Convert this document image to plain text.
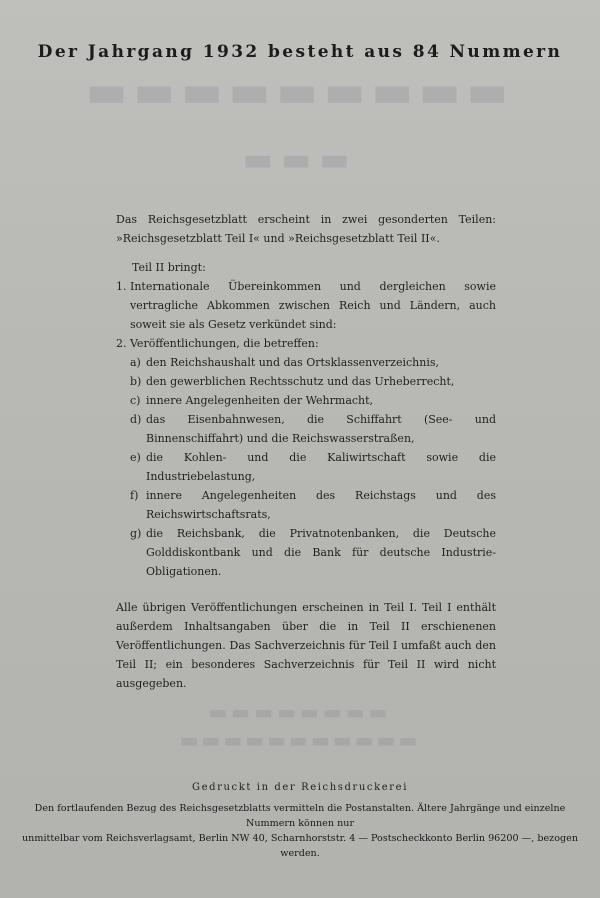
▬▬▬▬▬▬▬▬▬
▬▬▬
▬▬▬▬▬▬▬▬
▬▬▬▬▬▬▬▬▬▬▬
Der Jahrgang 1932 besteht aus 84 Nummern

Das Reichsgesetzblatt erscheint in zwei gesonderten Teilen: »Reichsgesetzblatt Teil I« und »Reichsgesetzblatt Teil II«.

Teil II bringt:

1. Internationale Übereinkommen und dergleichen sowie vertragliche Abkommen zwischen Reich und Ländern, auch soweit sie als Gesetz verkündet sind:
2. Veröffentlichungen, die betreffen:
a) den Reichshaushalt und das Ortsklassenverzeichnis,
b) den gewerblichen Rechtsschutz und das Urheberrecht,
c) innere Angelegenheiten der Wehrmacht,
d) das Eisenbahnwesen, die Schiffahrt (See- und Binnenschiffahrt) und die Reichswasserstraßen,
e) die Kohlen- und die Kaliwirtschaft sowie die Industriebelastung,
f) innere Angelegenheiten des Reichstags und des Reichswirtschaftsrats,
g) die Reichsbank, die Privatnotenbanken, die Deutsche Golddiskontbank und die Bank für deutsche Industrie-Obligationen.

Alle übrigen Veröffentlichungen erscheinen in Teil I. Teil I enthält außerdem Inhaltsangaben über die in Teil II erschienenen Veröffentlichungen. Das Sachverzeichnis für Teil I umfaßt auch den Teil II; ein besonderes Sachverzeichnis für Teil II wird nicht ausgegeben.

Gedruckt in der Reichsdruckerei
Den fortlaufenden Bezug des Reichsgesetzblatts vermitteln die Postanstalten. Ältere Jahrgänge und einzelne Nummern können nur
unmittelbar vom Reichsverlagsamt, Berlin NW 40, Scharnhorststr. 4 — Postscheckkonto Berlin 96200 —, bezogen werden.
